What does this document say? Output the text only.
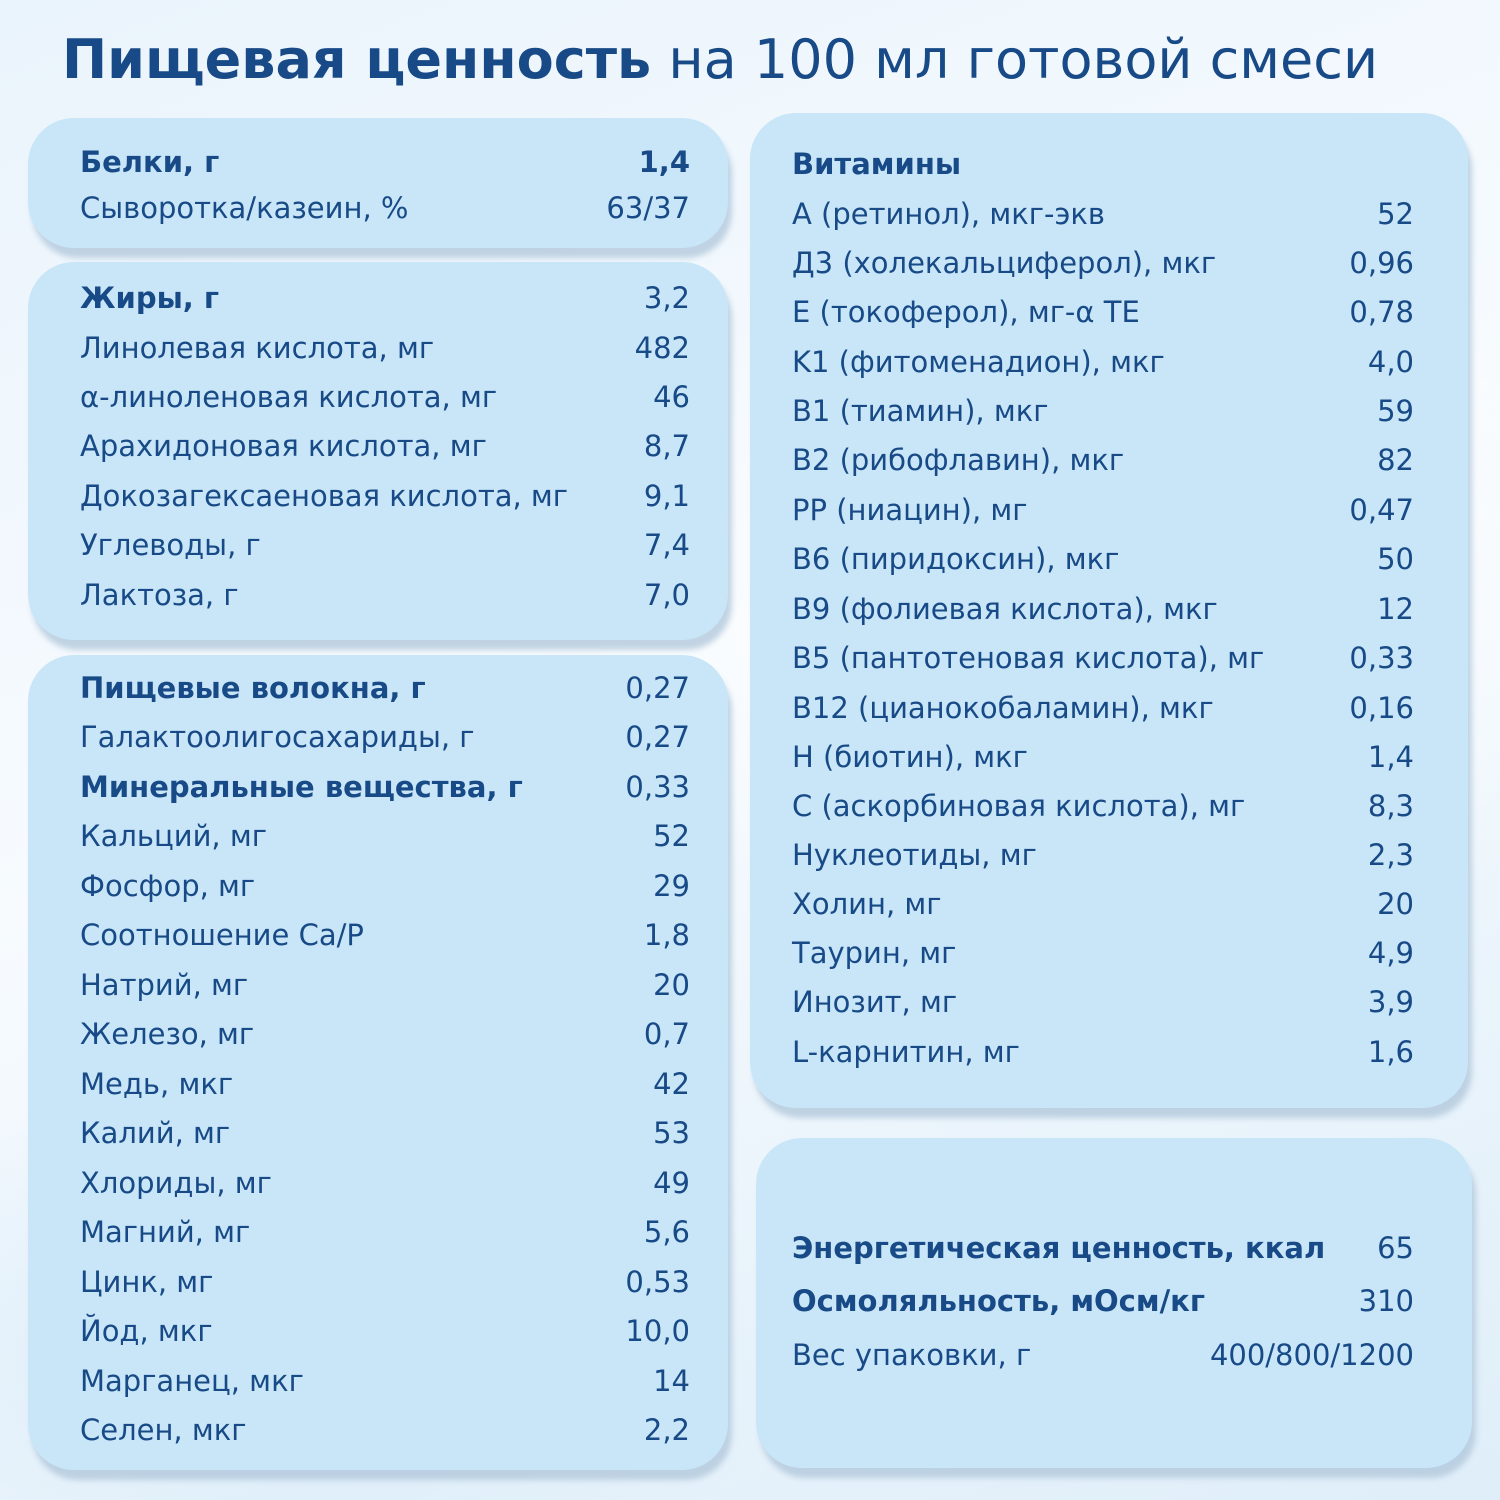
Пищевая ценность на 100 мл готовой смеси
Белки, г	1,4
Сыворотка/казеин, %	63/37
Жиры, г	3,2
Линолевая кислота, мг	482
α-линоленовая кислота, мг	46
Арахидоновая кислота, мг	8,7
Докозагексаеновая кислота, мг	9,1
Углеводы, г	7,4
Лактоза, г	7,0
Пищевые волокна, г	0,27
Галактоолигосахариды, г	0,27
Минеральные вещества, г	0,33
Кальций, мг	52
Фосфор, мг	29
Соотношение Ca/P	1,8
Натрий, мг	20
Железо, мг	0,7
Медь, мкг	42
Калий, мг	53
Хлориды, мг	49
Магний, мг	5,6
Цинк, мг	0,53
Йод, мкг	10,0
Марганец, мкг	14
Селен, мкг	2,2
Витамины
A (ретинол), мкг-экв	52
Д3 (холекальциферол), мкг	0,96
E (токоферол), мг-α TE	0,78
K1 (фитоменадион), мкг	4,0
B1 (тиамин), мкг	59
B2 (рибофлавин), мкг	82
PP (ниацин), мг	0,47
B6 (пиридоксин), мкг	50
B9 (фолиевая кислота), мкг	12
B5 (пантотеновая кислота), мг	0,33
B12 (цианокобаламин), мкг	0,16
H (биотин), мкг	1,4
C (аскорбиновая кислота), мг	8,3
Нуклеотиды, мг	2,3
Холин, мг	20
Таурин, мг	4,9
Инозит, мг	3,9
L-карнитин, мг	1,6
Энергетическая ценность, ккал	65
Осмоляльность, мОсм/кг	310
Вес упаковки, г	400/800/1200
